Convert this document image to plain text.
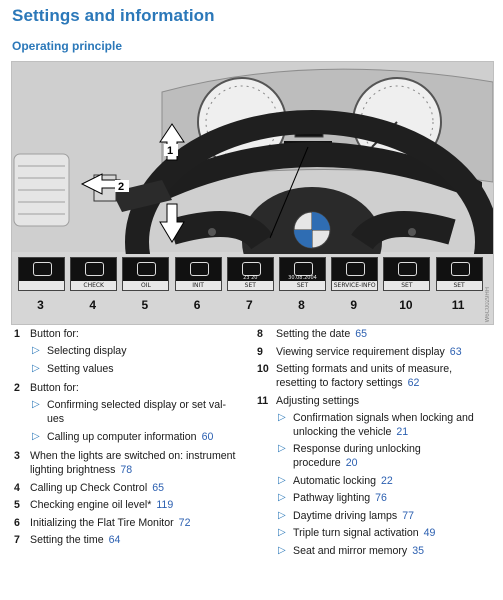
Settings and information
Operating principle
1
2
3
CHECK
4
OIL
5
INIT
6
SET
23 20
7
SET
30.08.2004
8
SERVICE-INFO
9
SET
10
SET
11	W6C0029HH
1 Button for:
▷ Selecting display
▷ Setting values
2 Button for:
▷ Confirming selected display or set val-
ues
▷ Calling up computer information 60
3 When the lights are switched on: instrument
lighting brightness 78
4 Calling up Check Control 65
5 Checking engine oil level* 119
6 Initializing the Flat Tire Monitor 72
7 Setting the time 64
8 Setting the date 65
9 Viewing service requirement display 63
10 Setting formats and units of measure,
resetting to factory settings 62
11 Adjusting settings
▷ Confirmation signals when locking and
unlocking the vehicle 21
▷ Response during unlocking
procedure 20
▷ Automatic locking 22
▷ Pathway lighting 76
▷ Daytime driving lamps 77
▷ Triple turn signal activation 49
▷ Seat and mirror memory 35
